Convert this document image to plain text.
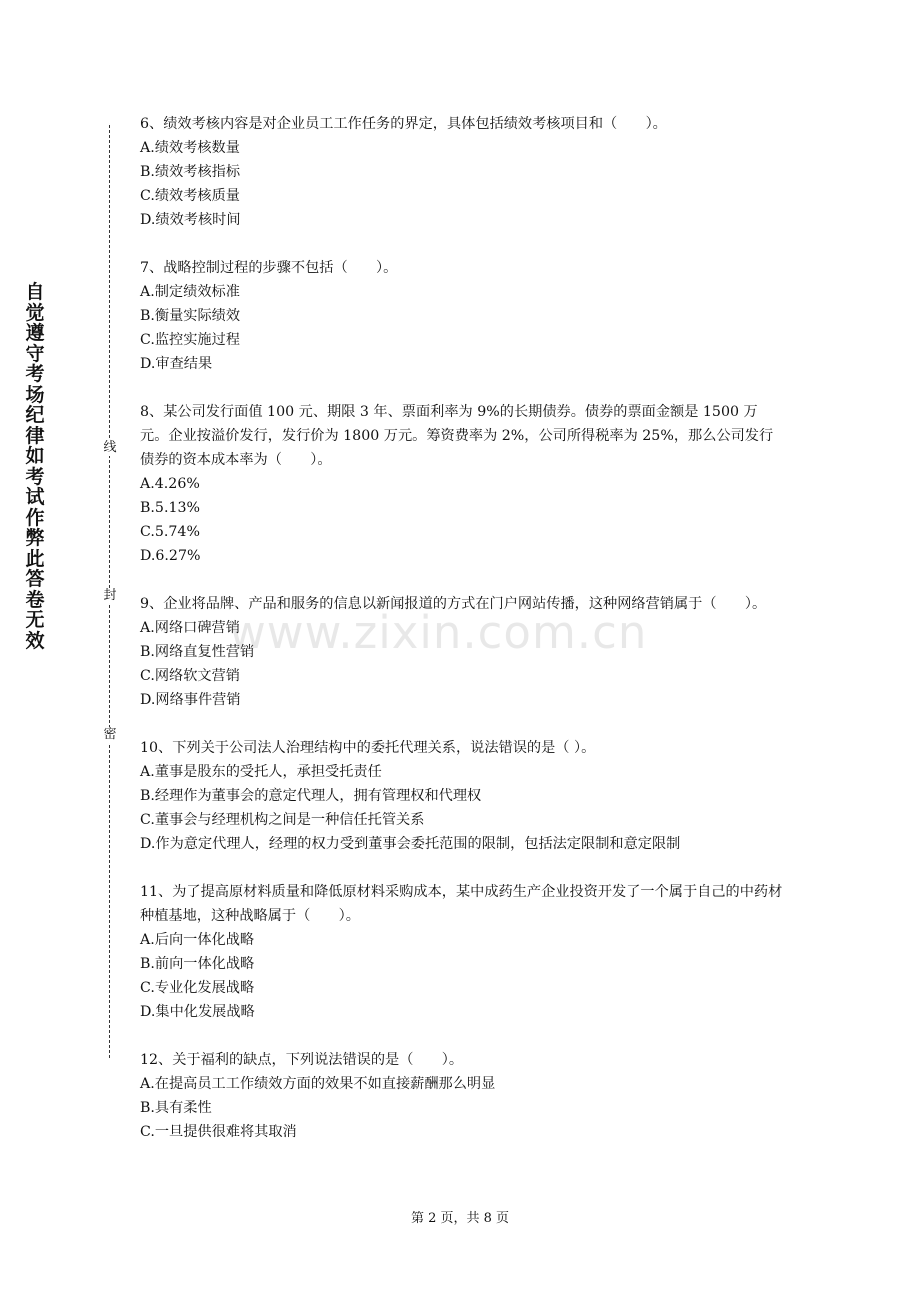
自觉遵守考场纪律如考试作弊此答卷无效
线
封
密

6、绩效考核内容是对企业员工工作任务的界定，具体包括绩效考核项目和（　　）。

A.绩效考核数量

B.绩效考核指标

C.绩效考核质量

D.绩效考核时间

7、战略控制过程的步骤不包括（　　）。

A.制定绩效标准

B.衡量实际绩效

C.监控实施过程

D.审查结果

8、某公司发行面值 100 元、期限 3 年、票面利率为 9%的长期债券。债券的票面金额是 1500 万元。企业按溢价发行，发行价为 1800 万元。筹资费率为 2%，公司所得税率为 25%，那么公司发行债券的资本成本率为（　　）。

A.4.26%

B.5.13%

C.5.74%

D.6.27%

9、企业将品牌、产品和服务的信息以新闻报道的方式在门户网站传播，这种网络营销属于（　　）。

A.网络口碑营销

B.网络直复性营销

C.网络软文营销

D.网络事件营销

10、下列关于公司法人治理结构中的委托代理关系，说法错误的是（ ）。

A.董事是股东的受托人，承担受托责任

B.经理作为董事会的意定代理人，拥有管理权和代理权

C.董事会与经理机构之间是一种信任托管关系

D.作为意定代理人，经理的权力受到董事会委托范围的限制，包括法定限制和意定限制

11、为了提高原材料质量和降低原材料采购成本，某中成药生产企业投资开发了一个属于自己的中药材种植基地，这种战略属于（　　）。

A.后向一体化战略

B.前向一体化战略

C.专业化发展战略

D.集中化发展战略

12、关于福利的缺点，下列说法错误的是（　　）。

A.在提高员工工作绩效方面的效果不如直接薪酬那么明显

B.具有柔性

C.一旦提供很难将其取消

www.zixin.com.cn
第 2 页，共 8 页
